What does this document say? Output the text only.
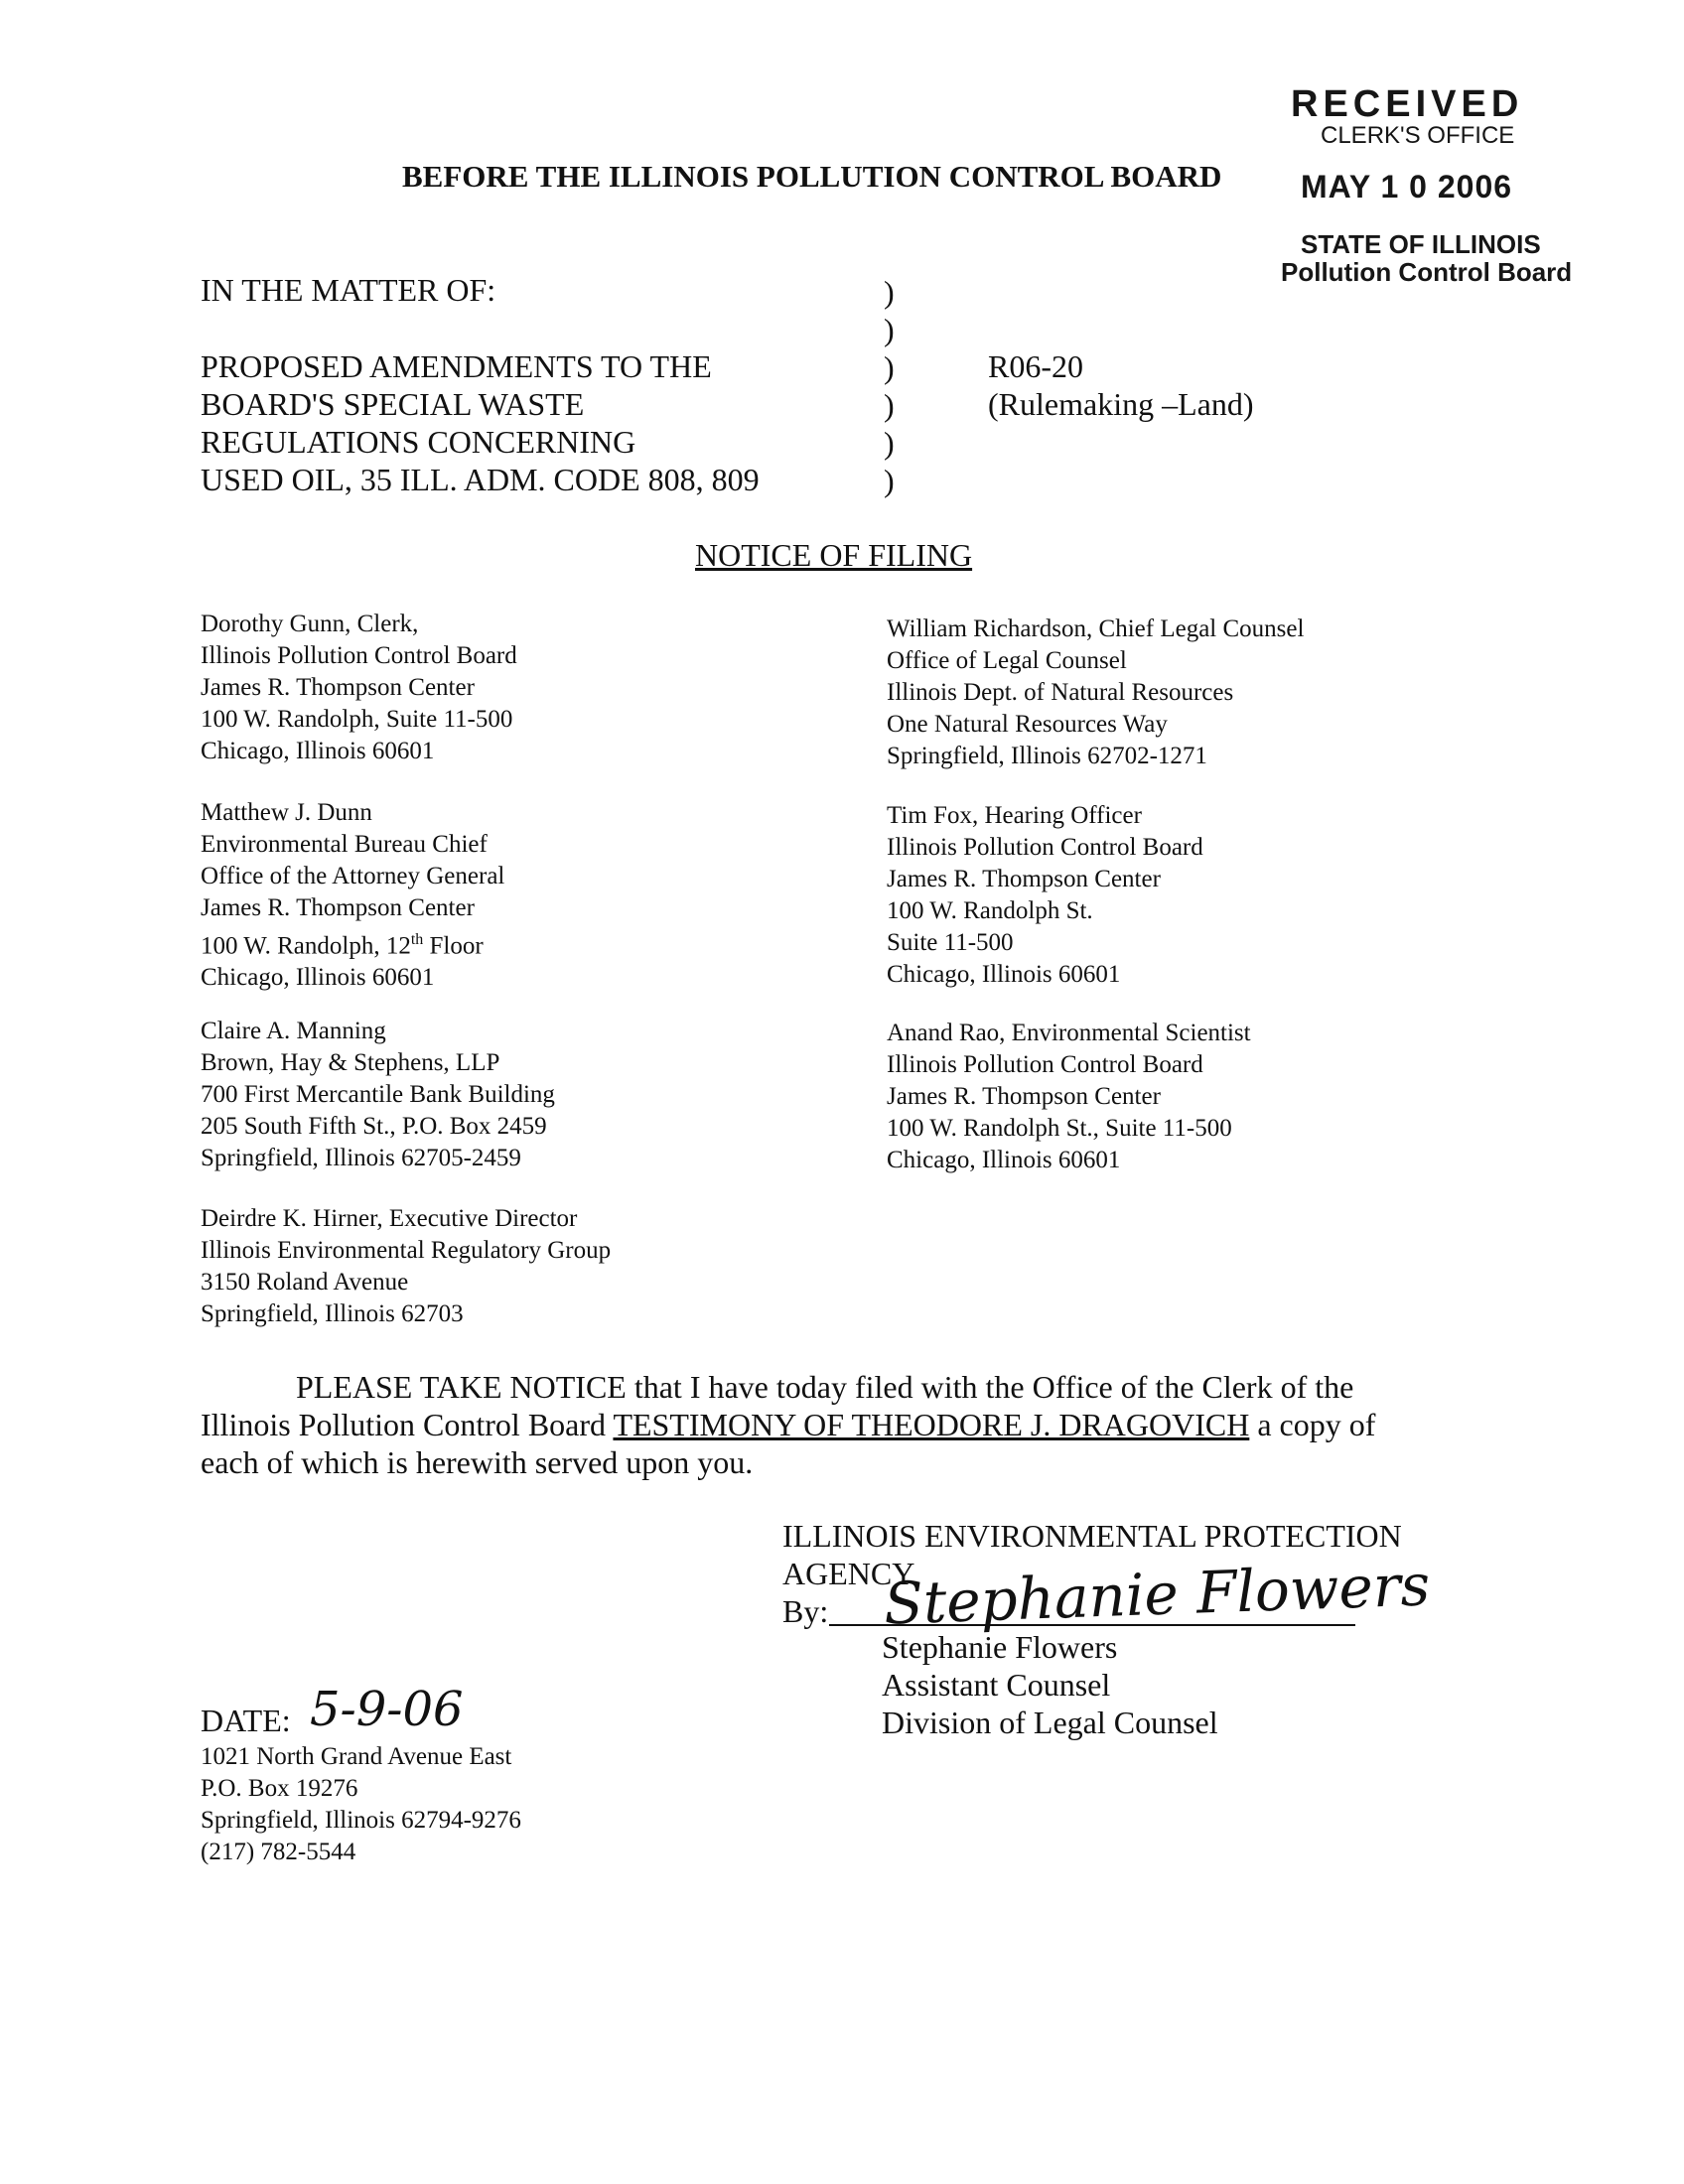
RECEIVED
CLERK'S OFFICE
MAY 1 0 2006
STATE OF ILLINOIS
Pollution Control Board
BEFORE THE ILLINOIS POLLUTION CONTROL BOARD
IN THE MATTER OF:
PROPOSED AMENDMENTS TO THE
BOARD'S SPECIAL WASTE
REGULATIONS CONCERNING
USED OIL, 35 ILL. ADM. CODE 808, 809
)
)
)
)
)
)
R06-20
(Rulemaking –Land)
NOTICE OF FILING
Dorothy Gunn, Clerk,
Illinois Pollution Control Board
James R. Thompson Center
100 W. Randolph, Suite 11-500
Chicago, Illinois 60601
Matthew J. Dunn
Environmental Bureau Chief
Office of the Attorney General
James R. Thompson Center
100 W. Randolph, 12th Floor
Chicago, Illinois 60601
Claire A. Manning
Brown, Hay & Stephens, LLP
700 First Mercantile Bank Building
205 South Fifth St., P.O. Box 2459
Springfield, Illinois 62705-2459
Deirdre K. Hirner, Executive Director
Illinois Environmental Regulatory Group
3150 Roland Avenue
Springfield, Illinois 62703
William Richardson, Chief Legal Counsel
Office of Legal Counsel
Illinois Dept. of Natural Resources
One Natural Resources Way
Springfield, Illinois 62702-1271
Tim Fox, Hearing Officer
Illinois Pollution Control Board
James R. Thompson Center
100 W. Randolph St.
Suite 11-500
Chicago, Illinois 60601
Anand Rao, Environmental Scientist
Illinois Pollution Control Board
James R. Thompson Center
100 W. Randolph St., Suite 11-500
Chicago, Illinois 60601
PLEASE TAKE NOTICE that I have today filed with the Office of the Clerk of the
Illinois Pollution Control Board TESTIMONY OF THEODORE J. DRAGOVICH a copy of
each of which is herewith served upon you.
ILLINOIS ENVIRONMENTAL PROTECTION
AGENCY
By: Stephanie Flowers
Stephanie Flowers
Assistant Counsel
Division of Legal Counsel
DATE: 5-9-06
1021 North Grand Avenue East
P.O. Box 19276
Springfield, Illinois 62794-9276
(217) 782-5544
